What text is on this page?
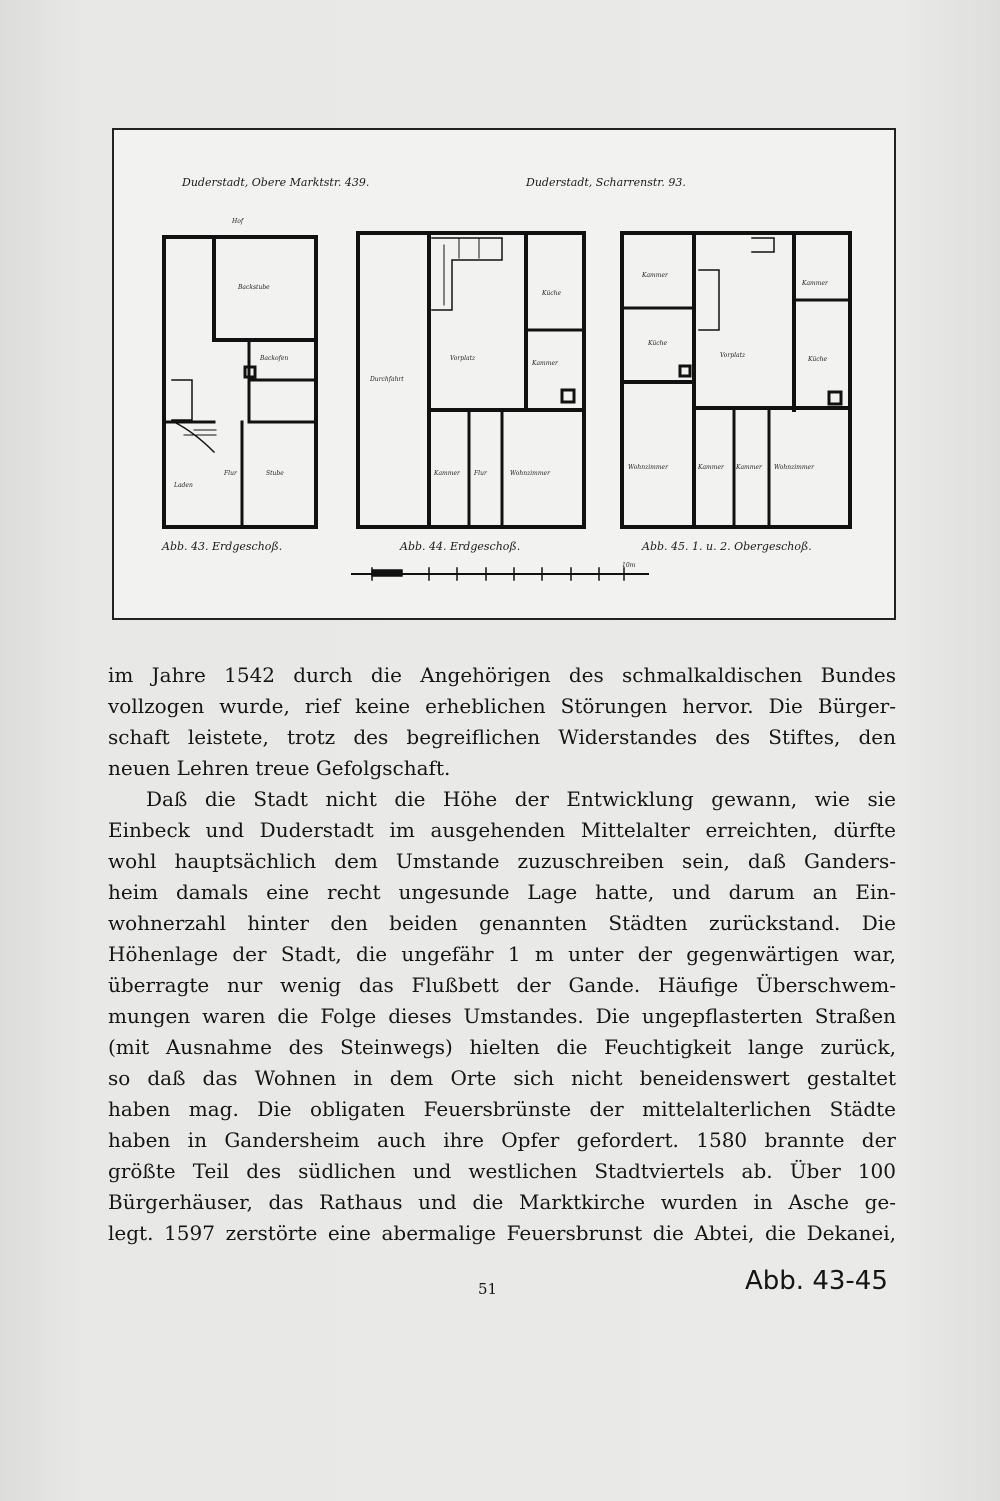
Duderstadt, Obere Marktstr. 439.	Duderstadt, Scharrenstr. 93.
Abb. 43. Erdgeschoß.	Abb. 44. Erdgeschoß.	Abb. 45. 1. u. 2. Obergeschoß.
Hof
Backstube
Backofen
Laden
Flur	Stube
Durchfahrt
Vorplatz
Küche
Kammer
Kammer Flur	Wohnzimmer
Kammer
Kammer
Küche
Vorplatz
Küche
Wohnzimmer	Kammer Kammer Wohnzimmer
10m

im Jahre 1542 durch die Angehörigen des schmalkaldischen Bundes
vollzogen wurde, rief keine erheblichen Störungen hervor. Die Bürger-
schaft leistete, trotz des begreiflichen Widerstandes des Stiftes, den
neuen Lehren treue Gefolgschaft.

Daß die Stadt nicht die Höhe der Entwicklung gewann, wie sie
Einbeck und Duderstadt im ausgehenden Mittelalter erreichten, dürfte
wohl hauptsächlich dem Umstande zuzuschreiben sein, daß Ganders-
heim damals eine recht ungesunde Lage hatte, und darum an Ein-
wohnerzahl hinter den beiden genannten Städten zurückstand. Die
Höhenlage der Stadt, die ungefähr 1 m unter der gegenwärtigen war,
überragte nur wenig das Flußbett der Gande. Häufige Überschwem-
mungen waren die Folge dieses Umstandes. Die ungepflasterten Straßen
(mit Ausnahme des Steinwegs) hielten die Feuchtigkeit lange zurück,
so daß das Wohnen in dem Orte sich nicht beneidenswert gestaltet
haben mag. Die obligaten Feuersbrünste der mittelalterlichen Städte
haben in Gandersheim auch ihre Opfer gefordert. 1580 brannte der
größte Teil des südlichen und westlichen Stadtviertels ab. Über 100
Bürgerhäuser, das Rathaus und die Marktkirche wurden in Asche ge-
legt. 1597 zerstörte eine abermalige Feuersbrunst die Abtei, die Dekanei,

51	Abb. 43-45
